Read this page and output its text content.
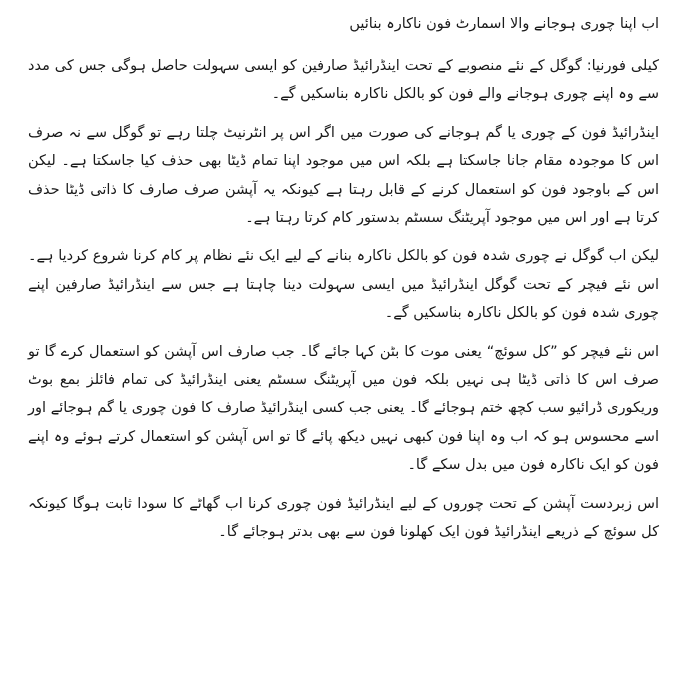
اب اپنا چوری ہوجانے والا اسمارٹ فون ناکارہ بنائیں

کیلی فورنیا: گوگل کے نئے منصوبے کے تحت اینڈرائیڈ صارفین کو ایسی سہولت حاصل ہوگی جس کی مدد سے وہ اپنے چوری ہوجانے والے فون کو بالکل ناکارہ بناسکیں گے۔

اینڈرائیڈ فون کے چوری یا گم ہوجانے کی صورت میں اگر اس پر انٹرنیٹ چلتا رہے تو گوگل سے نہ صرف اس کا موجودہ مقام جانا جاسکتا ہے بلکہ اس میں موجود اپنا تمام ڈیٹا بھی حذف کیا جاسکتا ہے۔ لیکن اس کے باوجود فون کو استعمال کرنے کے قابل رہتا ہے کیونکہ یہ آپشن صرف صارف کا ذاتی ڈیٹا حذف کرتا ہے اور اس میں موجود آپریٹنگ سسٹم بدستور کام کرتا رہتا ہے۔

لیکن اب گوگل نے چوری شدہ فون کو بالکل ناکارہ بنانے کے لیے ایک نئے نظام پر کام کرنا شروع کردیا ہے۔ اس نئے فیچر کے تحت گوگل اینڈرائیڈ میں ایسی سہولت دینا چاہتا ہے جس سے اینڈرائیڈ صارفین اپنے چوری شدہ فون کو بالکل ناکارہ بناسکیں گے۔

اس نئے فیچر کو ”کل سوئچ“ یعنی موت کا بٹن کہا جائے گا۔ جب صارف اس آپشن کو استعمال کرے گا تو صرف اس کا ذاتی ڈیٹا ہی نہیں بلکہ فون میں آپریٹنگ سسٹم یعنی اینڈرائیڈ کی تمام فائلز بمع بوٹ وریکوری ڈرائیو سب کچھ ختم ہوجائے گا۔ یعنی جب کسی اینڈرائیڈ صارف کا فون چوری یا گم ہوجائے اور اسے محسوس ہو کہ اب وہ اپنا فون کبھی نہیں دیکھ پائے گا تو اس آپشن کو استعمال کرتے ہوئے وہ اپنے فون کو ایک ناکارہ فون میں بدل سکے گا۔

اس زبردست آپشن کے تحت چوروں کے لیے اینڈرائیڈ فون چوری کرنا اب گھاٹے کا سودا ثابت ہوگا کیونکہ کل سوئچ کے ذریعے اینڈرائیڈ فون ایک کھلونا فون سے بھی بدتر ہوجائے گا۔
